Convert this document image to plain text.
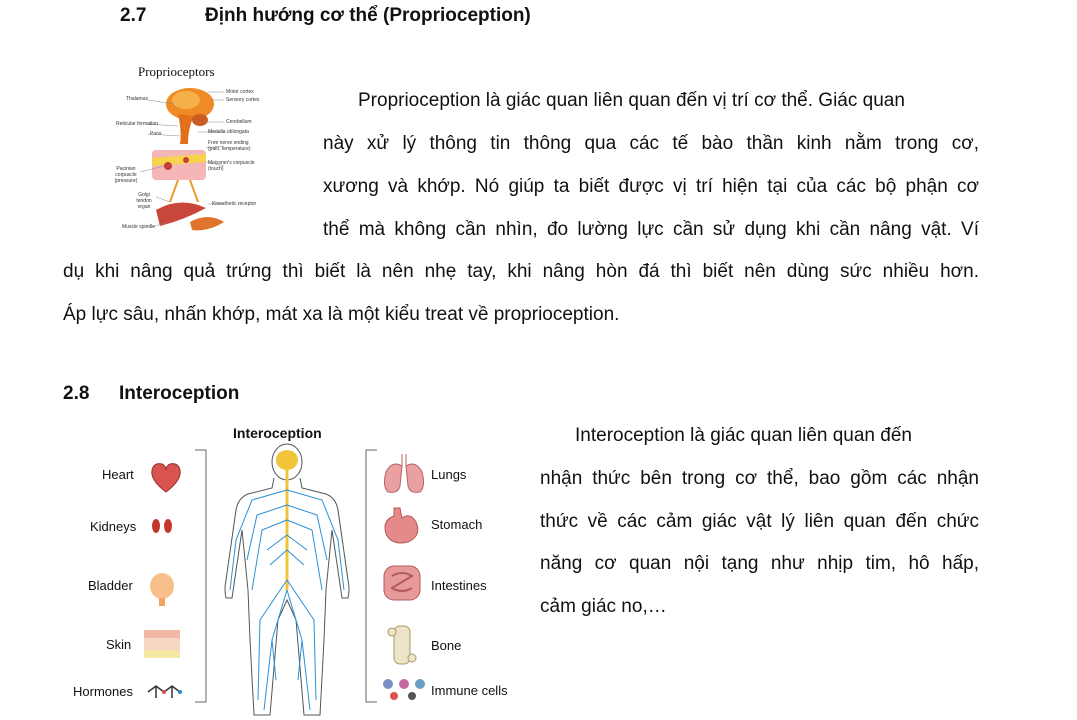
2.7	Định hướng cơ thể (Proprioception)
Proprioceptors
Thalamus
Reticular formation
Pons
Pacinian corpuscle (pressure)
Golgi tendon organ
Muscle spindle
Motor cortex
Sensory cortex
Cerebellum
Medulla oblongata
Free nerve ending (pain, temperature)
Meissner's corpuscle (touch)
Kinesthetic receptor
Proprioception là giác quan liên quan đến vị trí cơ thể. Giác quan
này xử lý thông tin thông qua các tế bào thần kinh nằm trong cơ,
xương và khớp. Nó giúp ta biết được vị trí hiện tại của các bộ phận cơ
thể mà không cần nhìn, đo lường lực cần sử dụng khi cần nâng vật. Ví
dụ khi nâng quả trứng thì biết là nên nhẹ tay, khi nâng hòn đá thì biết nên dùng sức nhiều hơn.
Áp lực sâu, nhấn khớp, mát xa là một kiểu treat về proprioception.
2.8 Interoception
Interoception
Heart
Kidneys
Bladder
Skin
Hormones
Lungs
Stomach
Intestines
Bone
Immune cells
Interoception là giác quan liên quan đến
nhận thức bên trong cơ thể, bao gồm các nhận
thức về các cảm giác vật lý liên quan đến chức
năng cơ quan nội tạng như nhịp tim, hô hấp,
cảm giác no,…
